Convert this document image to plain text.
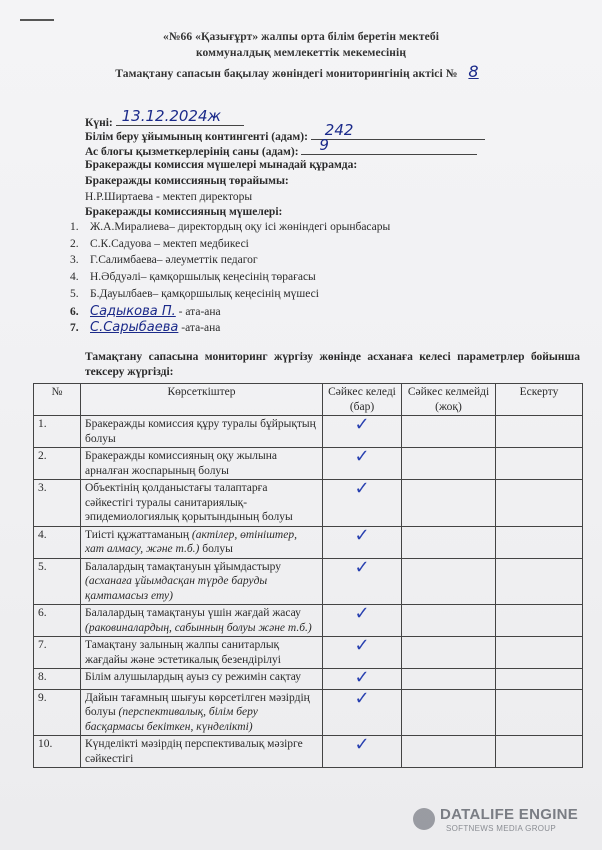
«№66 «Қазығұрт» жалпы орта білім беретін мектебі
коммуналдық мемлекеттік мекемесінің
Тамақтану сапасын бақылау жөніндегі мониторингінің актісі № 8
Күні: 13.12.2024ж
Білім беру ұйымының контингенті (адам): 242
Ас блогы қызметкерлерінің саны (адам): 9
Бракеражды комиссия мүшелері мынадай құрамда:
Бракеражды комиссияның төрайымы:
Н.Р.Ширтаева - мектеп директоры
Бракеражды комиссияның мүшелері:
1. Ж.А.Миралиева– директордың оқу ісі жөніндегі орынбасары
2. С.К.Садуова – мектеп медбикесі
3. Г.Салимбаева– әлеуметтік педагог
4. Н.Әбдуәлі– қамқоршылық кеңесінің төрағасы
5. Б.Дауылбаев– қамқоршылық кеңесінің мүшесі
6. Садыкова П. - ата-ана
7. С.Сарыбаева -ата-ана
Тамақтану сапасына мониторинг жүргізу жөнінде асханаға келесі параметрлер бойынша тексеру жүргізді:
№	Көрсеткіштер	Сәйкес келеді (бар)	Сәйкес келмейді (жоқ)	Ескерту
1.	Бракеражды комиссия құру туралы бұйрықтың болуы	✓		
2.	Бракеражды комиссияның оқу жылына арналған жоспарының болуы	✓		
3.	Объектінің қолданыстағы талаптарға сәйкестігі туралы санитариялық-эпидемиологиялық қорытындының болуы	✓		
4.	Тиісті құжаттаманың (актілер, өтініштер, хат алмасу, және т.б.) болуы	✓		
5.	Балалардың тамақтануын ұйымдастыру (асханаға ұйымдасқан түрде баруды қамтамасыз ету)	✓		
6.	Балалардың тамақтануы үшін жағдай жасау (раковиналардың, сабынның болуы және т.б.)	✓		
7.	Тамақтану залының жалпы санитарлық жағдайы және эстетикалық безендірілуі	✓		
8.	Білім алушылардың ауыз су режимін сақтау	✓		
9.	Дайын тағамның шығуы көрсетілген мәзірдің болуы (перспективалық, білім беру басқармасы бекіткен, күнделікті)	✓		
10.	Күнделікті мәзірдің перспективалық мәзірге сәйкестігі	✓		
DATALIFE ENGINE
SOFTNEWS MEDIA GROUP
